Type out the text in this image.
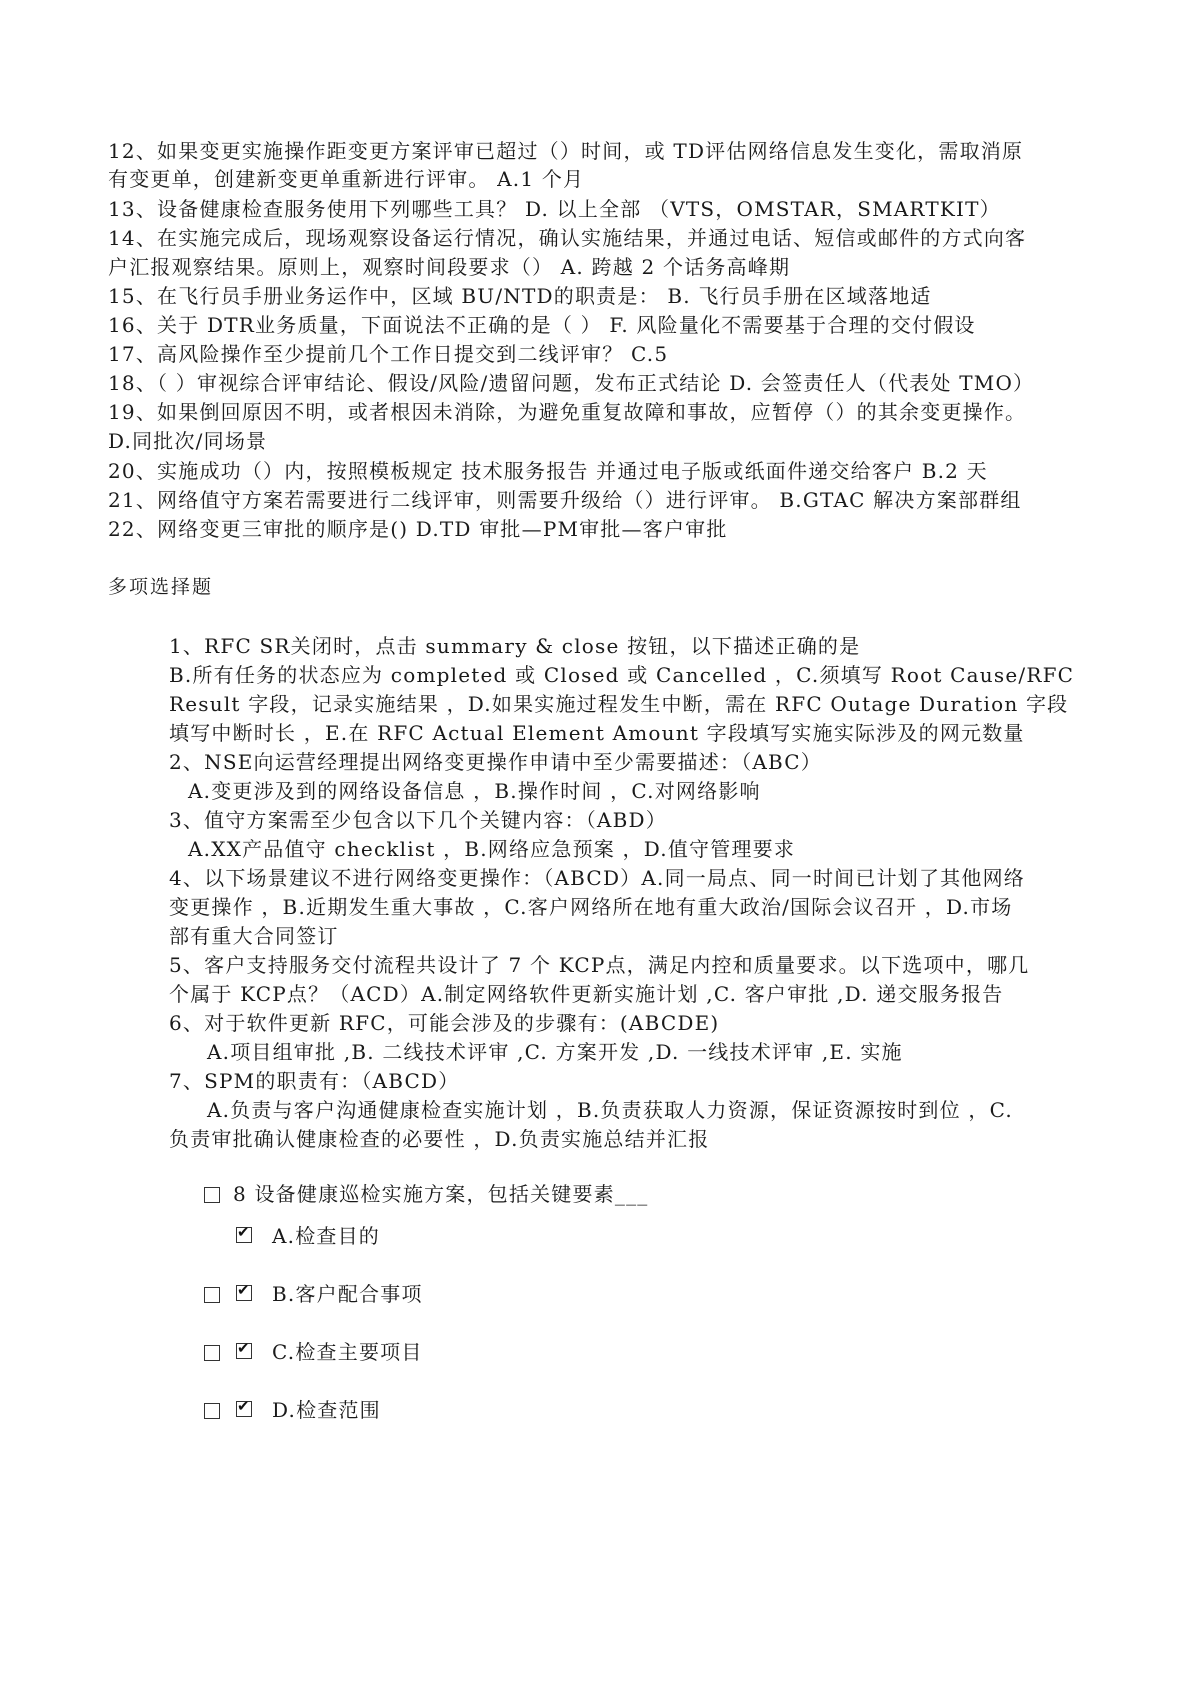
12、如果变更实施操作距变更方案评审已超过（）时间，或 TD评估网络信息发生变化，需取消原
有变更单，创建新变更单重新进行评审。 A.1 个月
13、设备健康检查服务使用下列哪些工具？ D. 以上全部 （VTS，OMSTAR，SMARTKIT）
14、在实施完成后，现场观察设备运行情况，确认实施结果，并通过电话、短信或邮件的方式向客
户汇报观察结果。原则上，观察时间段要求（） A. 跨越 2 个话务高峰期
15、在飞行员手册业务运作中，区域 BU/NTD的职责是： B. 飞行员手册在区域落地适
16、关于 DTR业务质量，下面说法不正确的是（ ） F. 风险量化不需要基于合理的交付假设
17、高风险操作至少提前几个工作日提交到二线评审？ C.5
18、（ ）审视综合评审结论、假设/风险/遗留问题，发布正式结论 D. 会签责任人（代表处 TMO）
19、如果倒回原因不明，或者根因未消除，为避免重复故障和事故，应暂停（）的其余变更操作。
D.同批次/同场景
20、实施成功（）内，按照模板规定 技术服务报告 并通过电子版或纸面件递交给客户 B.2 天
21、网络值守方案若需要进行二线评审，则需要升级给（）进行评审。 B.GTAC 解决方案部群组
22、网络变更三审批的顺序是() D.TD 审批—PM审批—客户审批
多项选择题
1、RFC SR关闭时，点击 summary & close 按钮，以下描述正确的是
B.所有任务的状态应为 completed 或 Closed 或 Cancelled ，C.须填写 Root Cause/RFC
Result 字段，记录实施结果 ，D.如果实施过程发生中断，需在 RFC Outage Duration 字段
填写中断时长 ，E.在 RFC Actual Element Amount 字段填写实施实际涉及的网元数量
2、NSE向运营经理提出网络变更操作申请中至少需要描述：（ABC）
A.变更涉及到的网络设备信息 ，B.操作时间 ，C.对网络影响
3、值守方案需至少包含以下几个关键内容：（ABD）
A.XX产品值守 checklist ，B.网络应急预案 ，D.值守管理要求
4、以下场景建议不进行网络变更操作：（ABCD）A.同一局点、同一时间已计划了其他网络
变更操作 ，B.近期发生重大事故 ，C.客户网络所在地有重大政治/国际会议召开 ，D.市场
部有重大合同签订
5、客户支持服务交付流程共设计了 7 个 KCP点，满足内控和质量要求。以下选项中，哪几
个属于 KCP点？（ACD）A.制定网络软件更新实施计划 ,C. 客户审批 ,D. 递交服务报告
6、对于软件更新 RFC，可能会涉及的步骤有：(ABCDE)
A.项目组审批 ,B. 二线技术评审 ,C. 方案开发 ,D. 一线技术评审 ,E. 实施
7、SPM的职责有：（ABCD）
A.负责与客户沟通健康检查实施计划 ，B.负责获取人力资源，保证资源按时到位 ，C.
负责审批确认健康检查的必要性 ，D.负责实施总结并汇报
8 设备健康巡检实施方案，包括关键要素___
✔
A.检查目的
✔
B.客户配合事项
✔
C.检查主要项目
✔
D.检查范围
